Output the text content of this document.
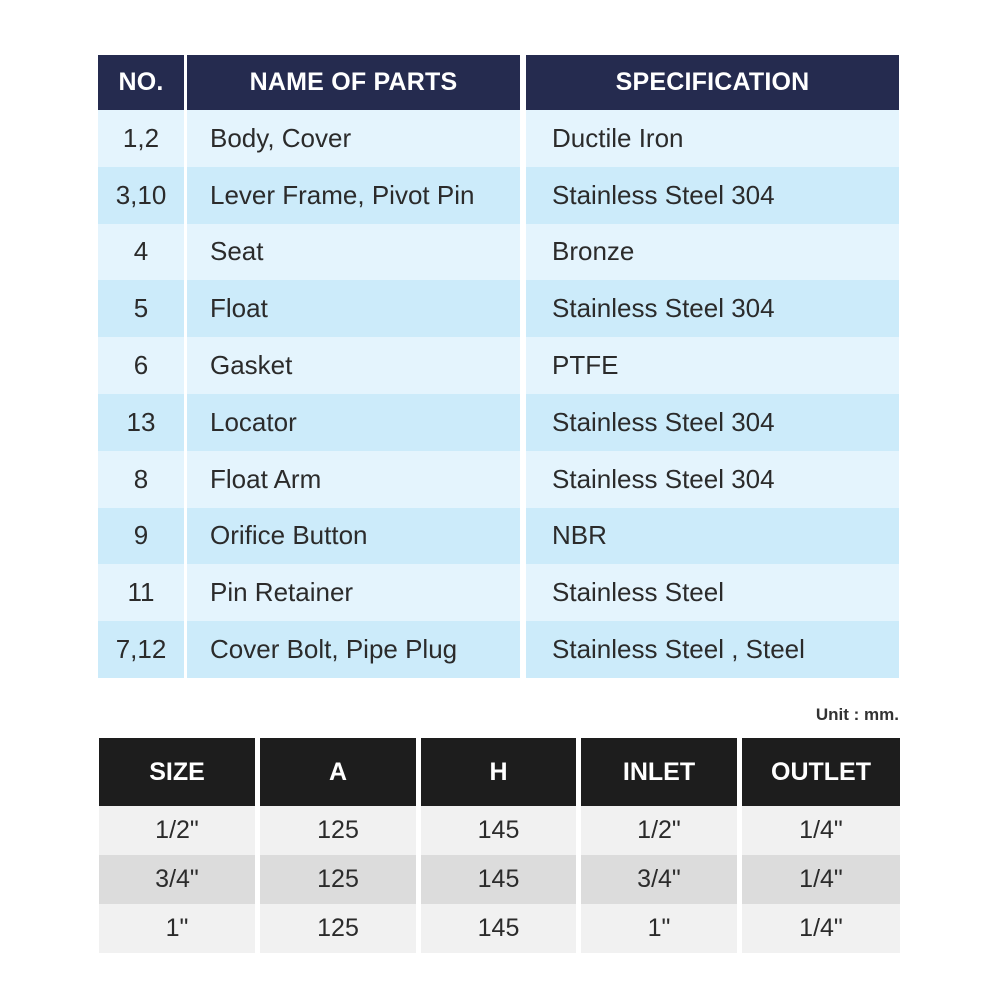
NO.	NAME OF PARTS	SPECIFICATION
1,2	Body, Cover	Ductile Iron
3,10	Lever Frame, Pivot Pin	Stainless Steel 304
4	Seat	Bronze
5	Float	Stainless Steel 304
6	Gasket	PTFE
13	Locator	Stainless Steel 304
8	Float Arm	Stainless Steel 304
9	Orifice Button	NBR
11	Pin Retainer	Stainless Steel
7,12	Cover Bolt, Pipe Plug	Stainless Steel , Steel
Unit : mm.
SIZE	A	H	INLET	OUTLET
1/2"	125	145	1/2"	1/4"
3/4"	125	145	3/4"	1/4"
1"	125	145	1"	1/4"
